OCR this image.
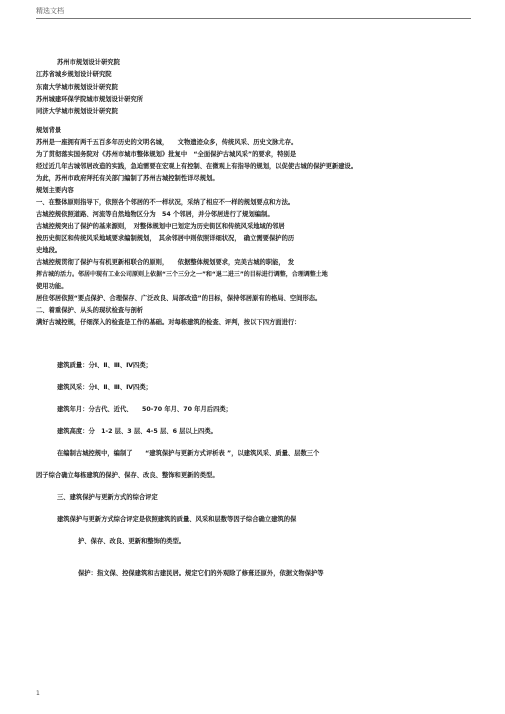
精选文档
苏州市规划设计研究院
江苏省城乡规划设计研究院
东南大学城市规划设计研究院
苏州城建环保学院城市规划设计研究所
同济大学城市规划设计研究院
规划背景
苏州是一座拥有两千五百多年历史的文明名城，　　文物遗迹众多，传统风采、历史文脉尤存。
为了贯彻落实国务院对《苏州市城市整体规划》批复中　“全面保护古城风采”的要求，特别是
经过近几年古城邻居改造的实践，急迫需要在宏观上有控制、在微观上有指导的规划，以促使古城的保护更新建设。
为此，苏州市政府拜托有关部门编制了苏州古城控制性详尽规划。
规划主要内容
一、在整体原则指导下，依照各个邻居的不一样状况，采纳了相应不一样的规划要点和方法。
古城控规依照道路、河流等自然地物区分为　54 个邻居，并分邻居进行了规划编制。
古城控规突出了保护的基来源则，　对整体规划中已划定为历史街区和传统风采地域的邻居
按历史街区和传统风采地域要求编制规划，　其余邻居中则依照详细状况，　确立需要保护的历
史地段。
古城控规贯彻了保护与有机更新相联合的原则，　　依据整体规划要求，完美古城的职能，　发
挥古城的活力。邻居中现有工业公司原则上依据“三个三分之一”和“退二进三”的目标进行调整，合理调整土地
使用功能。
居住邻居依照“要点保护、合理保存、广泛改良、局部改造”的目标，保持邻居原有的格局、空间形态。
二、着重保护、从头的现状检查与剖析
满好古城控规，仔细深入的检查是工作的基础。对每栋建筑的检查、评判，按以下四方面进行：
建筑质量：分Ⅰ、Ⅱ、Ⅲ、Ⅳ四类；
建筑风采：分Ⅰ、Ⅱ、Ⅲ、Ⅳ四类；
建筑年月：分古代、近代、　　50-70 年月、70 年月后四类；
建筑高度：分　1-2 层、3 层、4-5 层、6 层以上四类。
在编制古城控规中，编制了　　“建筑保护与更新方式评析表 ”，以建筑风采、质量、层数三个
因子综合确立每栋建筑的保护、保存、改良、整饰和更新的类型。
三、建筑保护与更新方式的综合评定
建筑保护与更新方式综合评定是依照建筑的质量、风采和层数等因子综合确立建筑的保
护、保存、改良、更新和整饰的类型。
保护：指文保、控保建筑和古建民居。规定它们的外观除了修葺还原外，依据文物保护等
1
